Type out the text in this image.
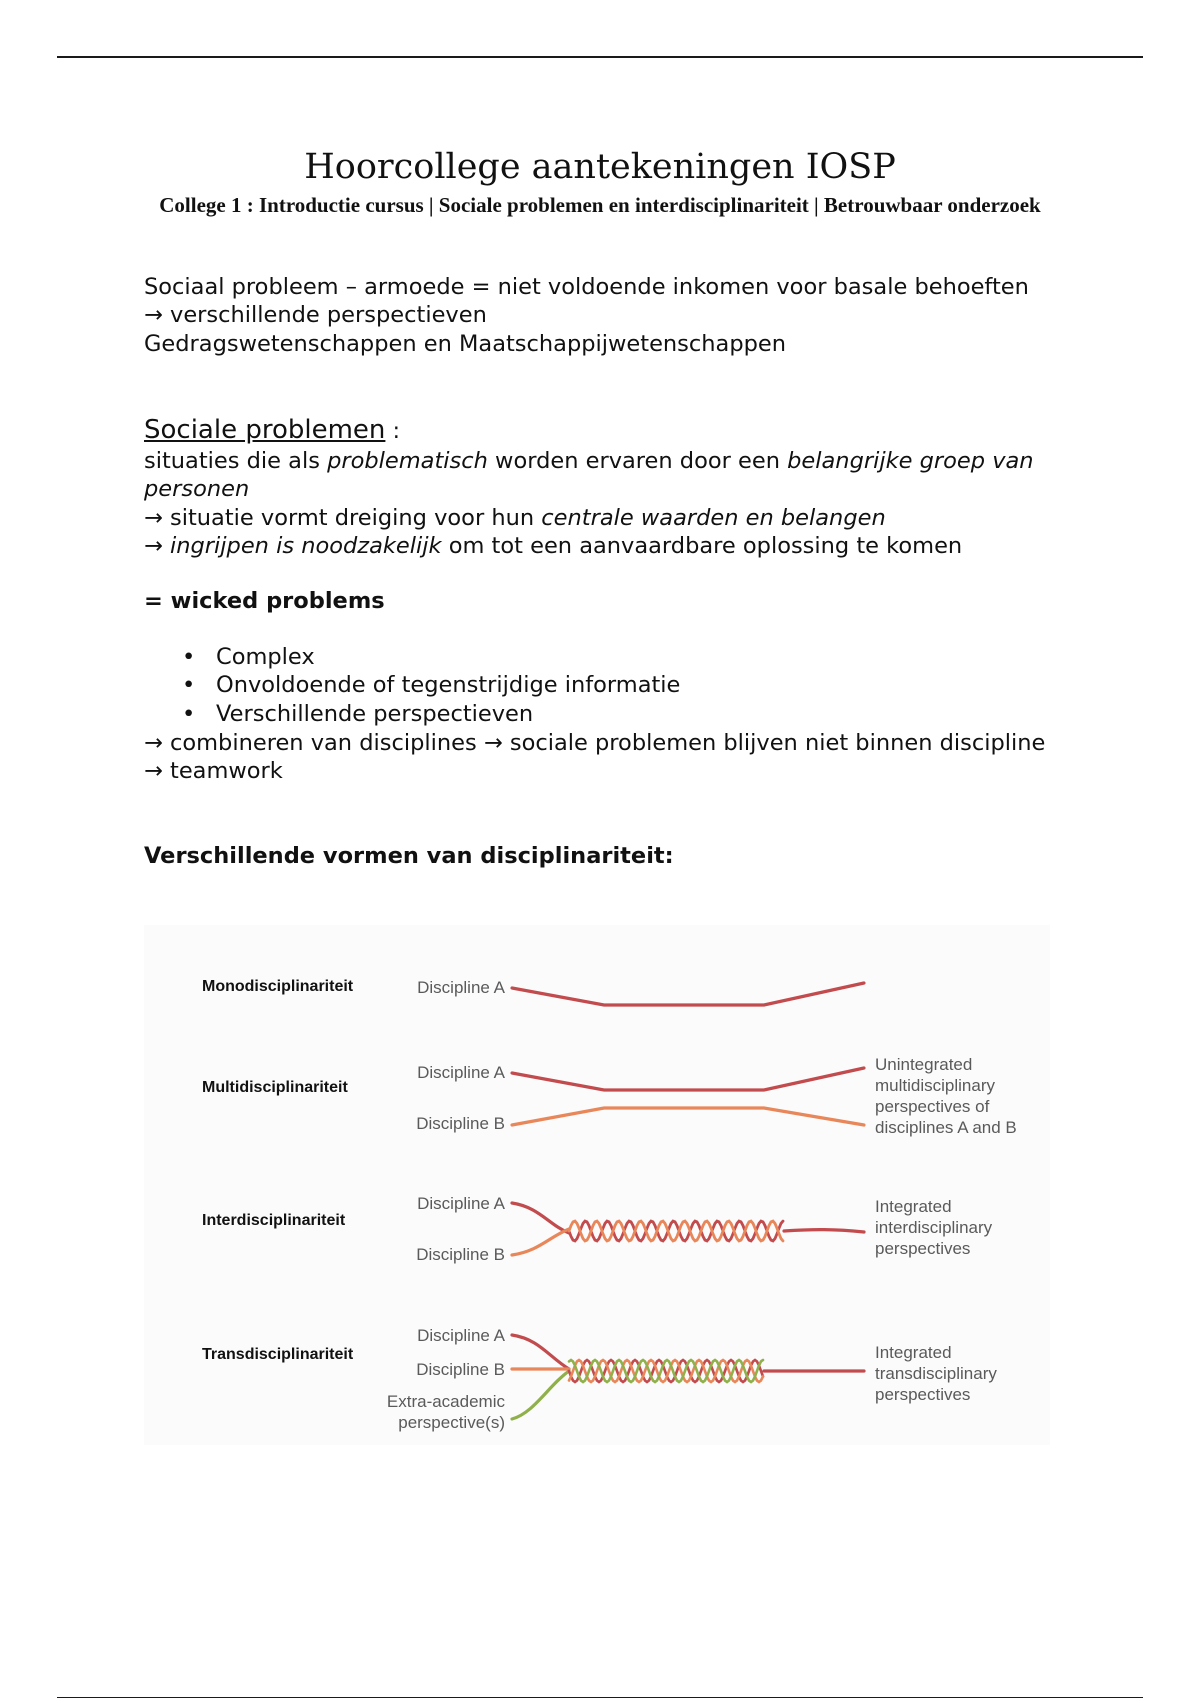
Hoorcollege aantekeningen IOSP

College 1 : Introductie cursus | Sociale problemen en interdisciplinariteit | Betrouwbaar onderzoek

Sociaal probleem – armoede = niet voldoende inkomen voor basale behoeften
→ verschillende perspectieven
Gedragswetenschappen en Maatschappijwetenschappen
Sociale problemen :
situaties die als problematisch worden ervaren door een belangrijke groep van personen
→ situatie vormt dreiging voor hun centrale waarden en belangen
→ ingrijpen is noodzakelijk om tot een aanvaardbare oplossing te komen
= wicked problems
• Complex
• Onvoldoende of tegenstrijdige informatie
• Verschillende perspectieven
→ combineren van disciplines → sociale problemen blijven niet binnen discipline → teamwork
Verschillende vormen van disciplinariteit:
Monodisciplinariteit
Multidisciplinariteit
Interdisciplinariteit
Transdisciplinariteit
Discipline A
Discipline A
Discipline B
Discipline A
Discipline B
Discipline A
Discipline B
Extra-academic
perspective(s)
Unintegrated
multidisciplinary
perspectives of
disciplines A and B
Integrated
interdisciplinary
perspectives
Integrated
transdisciplinary
perspectives
